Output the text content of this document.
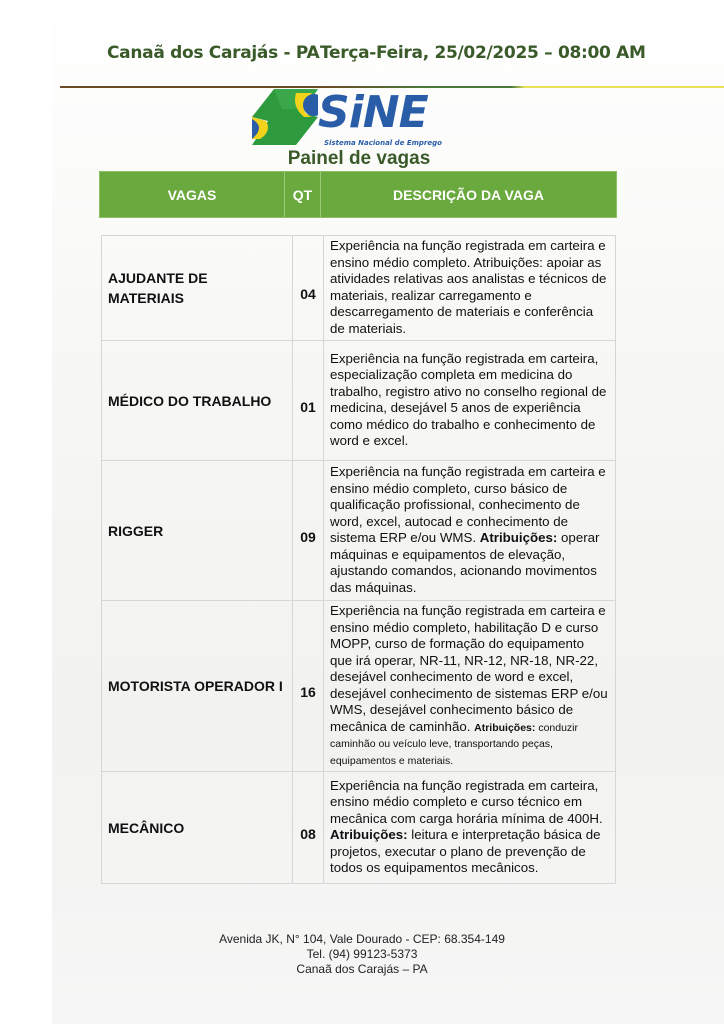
Canaã dos Carajás - PA Terça-Feira, 25/02/2025 – 08:00 AM
SiNE
Sistema Nacional de Emprego
Painel de vagas
VAGAS	QT	DESCRIÇÃO DA VAGA
AJUDANTE DE MATERIAIS	04	Experiência na função registrada em carteira e ensino médio completo. Atribuições: apoiar as atividades relativas aos analistas e técnicos de materiais, realizar carregamento e descarregamento de materiais e conferência de materiais.
MÉDICO DO TRABALHO	01	Experiência na função registrada em carteira, especialização completa em medicina do trabalho, registro ativo no conselho regional de medicina, desejável 5 anos de experiência como médico do trabalho e conhecimento de word e excel.
RIGGER	09	Experiência na função registrada em carteira e ensino médio completo, curso básico de qualificação profissional, conhecimento de word, excel, autocad e conhecimento de sistema ERP e/ou WMS. Atribuições: operar máquinas e equipamentos de elevação, ajustando comandos, acionando movimentos das máquinas.
MOTORISTA OPERADOR I	16	Experiência na função registrada em carteira e ensino médio completo, habilitação D e curso MOPP, curso de formação do equipamento que irá operar, NR-11, NR-12, NR-18, NR-22, desejável conhecimento de word e excel, desejável conhecimento de sistemas ERP e/ou WMS, desejável conhecimento básico de mecânica de caminhão. Atribuições: conduzir caminhão ou veículo leve, transportando peças, equipamentos e materiais.
MECÂNICO	08	Experiência na função registrada em carteira, ensino médio completo e curso técnico em mecânica com carga horária mínima de 400H. Atribuições: leitura e interpretação básica de projetos, executar o plano de prevenção de todos os equipamentos mecânicos.
Avenida JK, N° 104, Vale Dourado - CEP: 68.354-149
Tel. (94) 99123-5373
Canaã dos Carajás – PA
